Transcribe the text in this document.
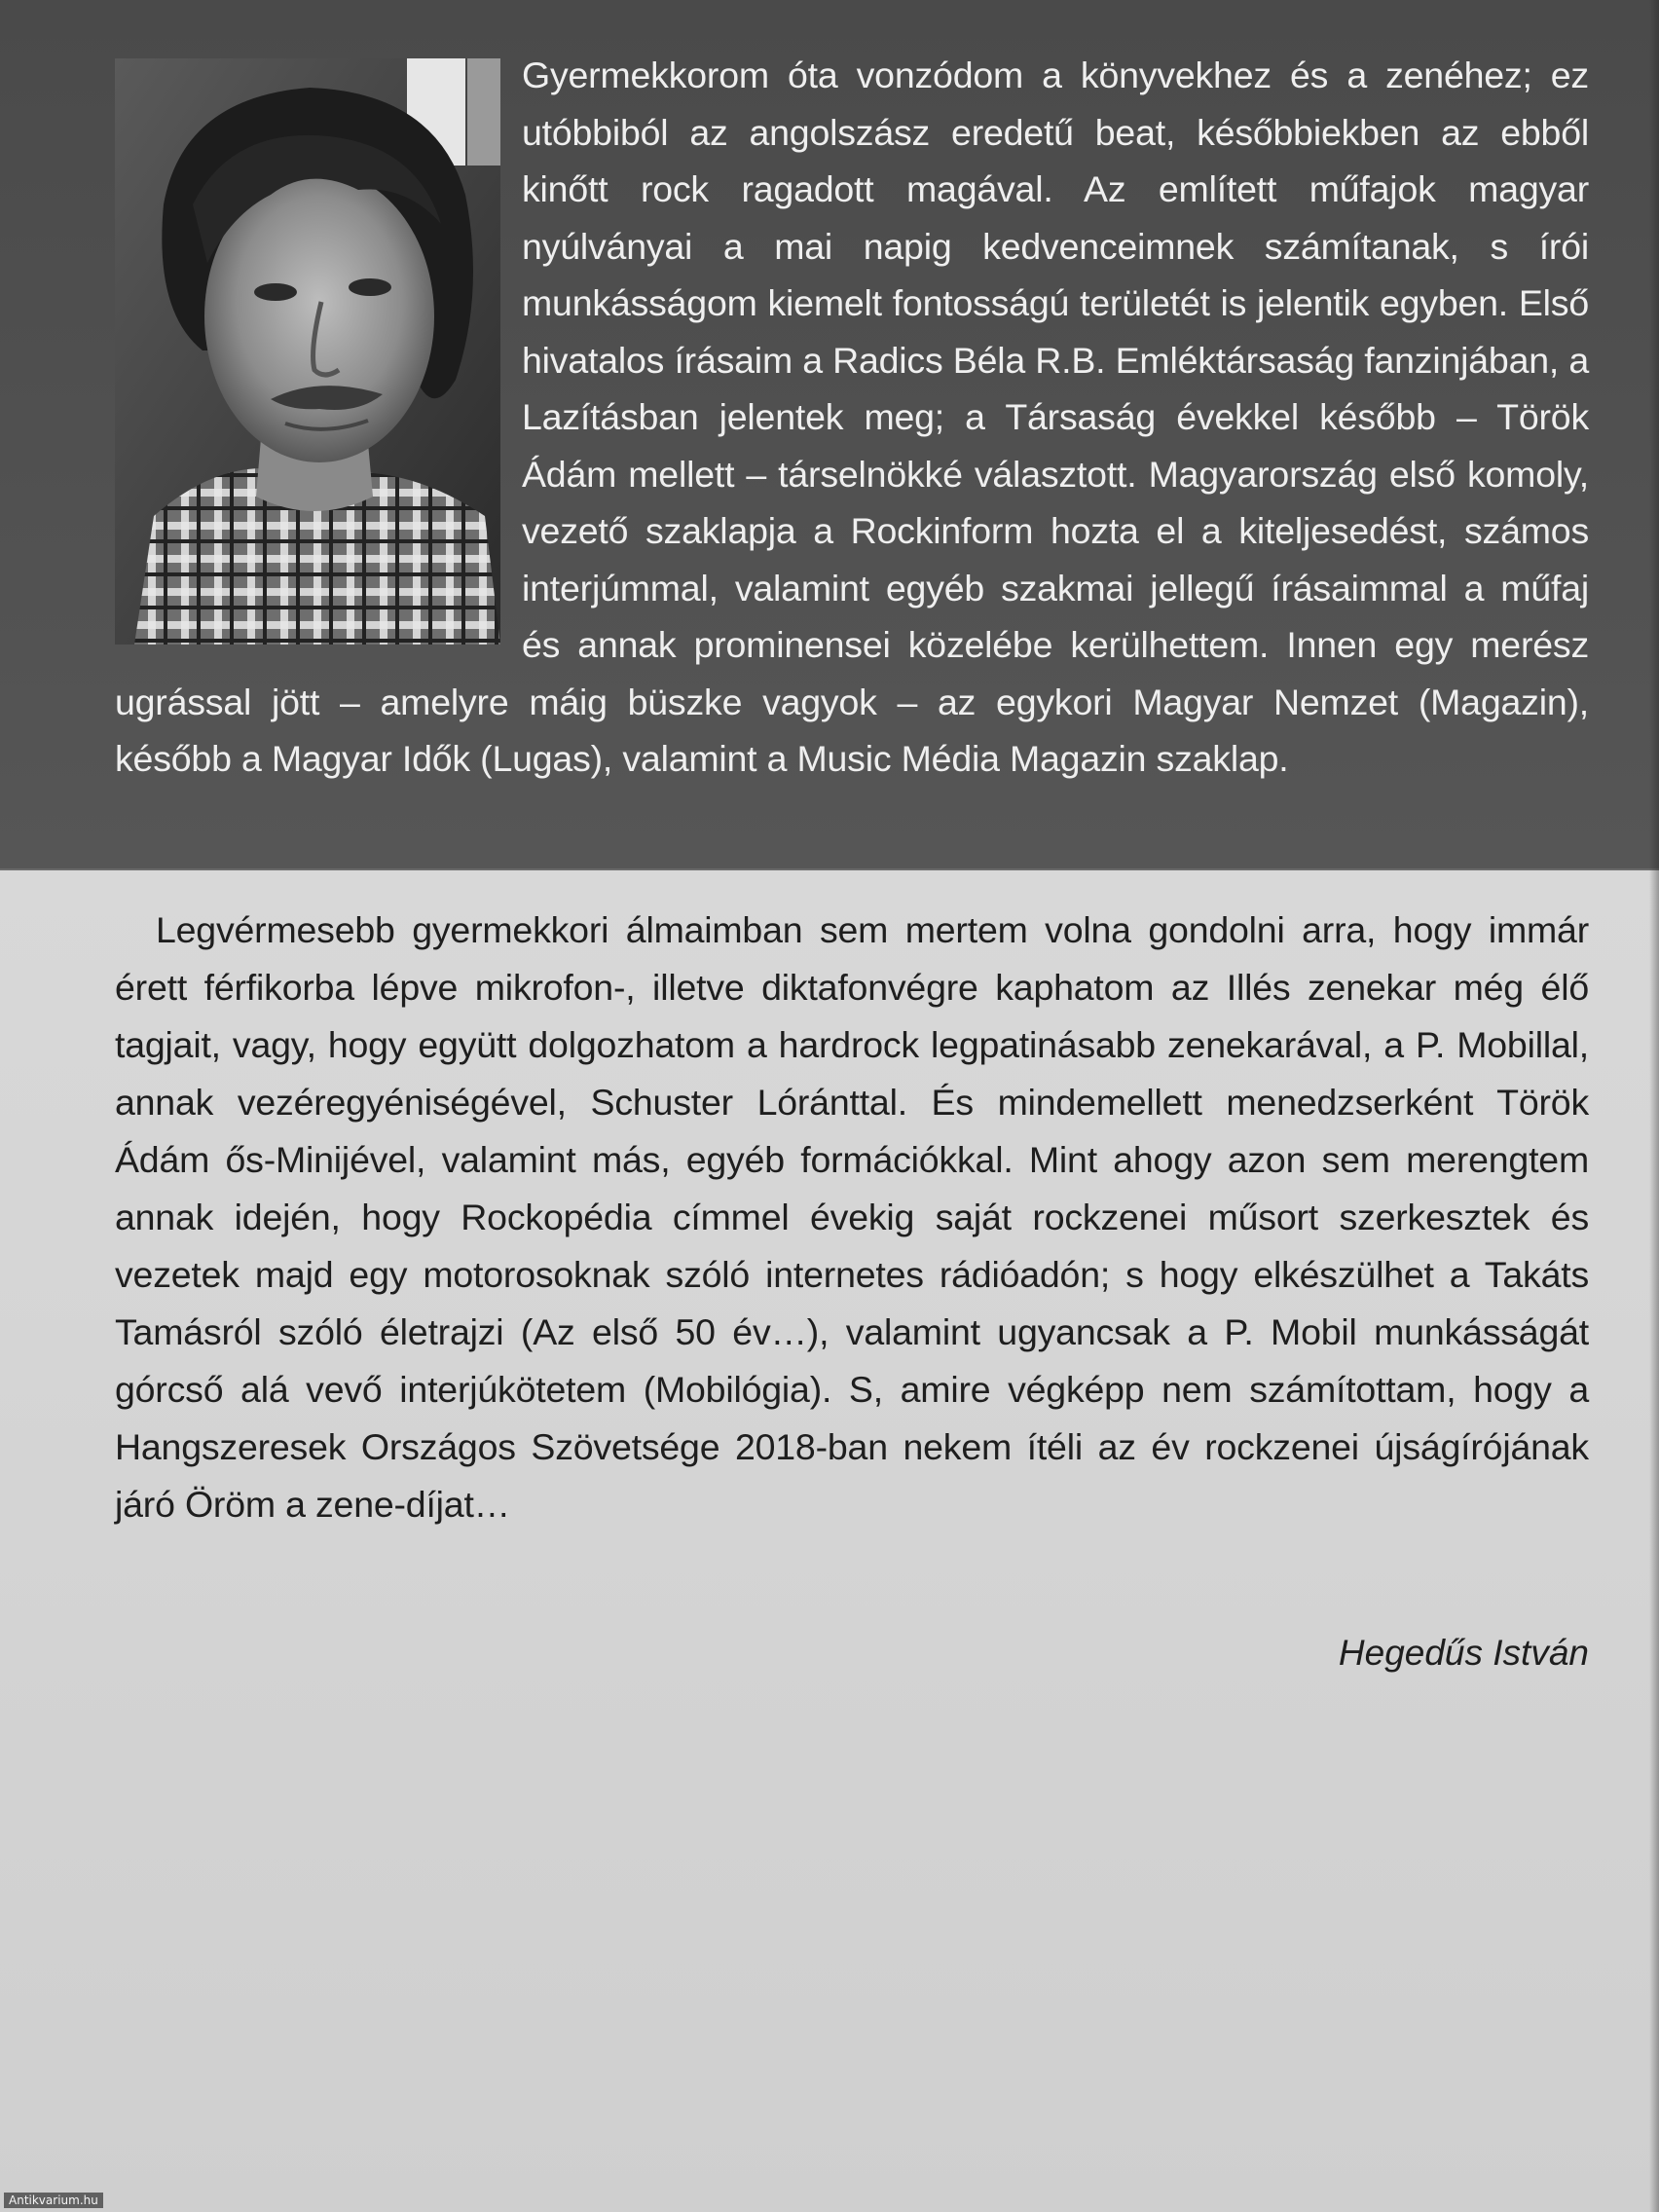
Gyermekkorom óta vonzódom a könyvekhez és a zenéhez; ez utóbbiból az angolszász eredetű beat, későbbiekben az ebből kinőtt rock ragadott magával. Az említett műfajok magyar nyúlványai a mai napig kedvenceimnek számítanak, s írói munkásságom kiemelt fontosságú területét is jelentik egyben. Első hivatalos írásaim a Radics Béla R.B. Emléktársaság fanzinjában, a Lazításban jelentek meg; a Társaság évekkel később – Török Ádám mellett – társelnökké választott. Magyarország első komoly, vezető szaklapja a Rockinform hozta el a kiteljesedést, számos interjúmmal, valamint egyéb szakmai jellegű írásaimmal a műfaj és annak prominensei közelébe kerülhettem. Innen egy merész ugrással jött – amelyre máig büszke vagyok – az egykori Magyar Nemzet (Magazin), később a Magyar Idők (Lugas), valamint a Music Média Magazin szaklap.

Legvérmesebb gyermekkori álmaimban sem mertem volna gondolni arra, hogy immár érett férfikorba lépve mikrofon-, illetve diktafonvégre kaphatom az Illés zenekar még élő tagjait, vagy, hogy együtt dolgozhatom a hardrock legpatinásabb zenekarával, a P. Mobillal, annak vezéregyéniségével, Schuster Lóránttal. És mindemellett menedzserként Török Ádám ős-Minijével, valamint más, egyéb formációkkal. Mint ahogy azon sem merengtem annak idején, hogy Rockopédia címmel évekig saját rockzenei műsort szerkesztek és vezetek majd egy motorosoknak szóló internetes rádióadón; s hogy elkészülhet a Takáts Tamásról szóló életrajzi (Az első 50 év…), valamint ugyancsak a P. Mobil munkásságát górcső alá vevő interjúkötetem (Mobilógia). S, amire végképp nem számítottam, hogy a Hangszeresek Országos Szövetsége 2018-ban nekem ítéli az év rockzenei újságírójának járó Öröm a zene-díjat…

Hegedűs István

Antikvarium.hu
